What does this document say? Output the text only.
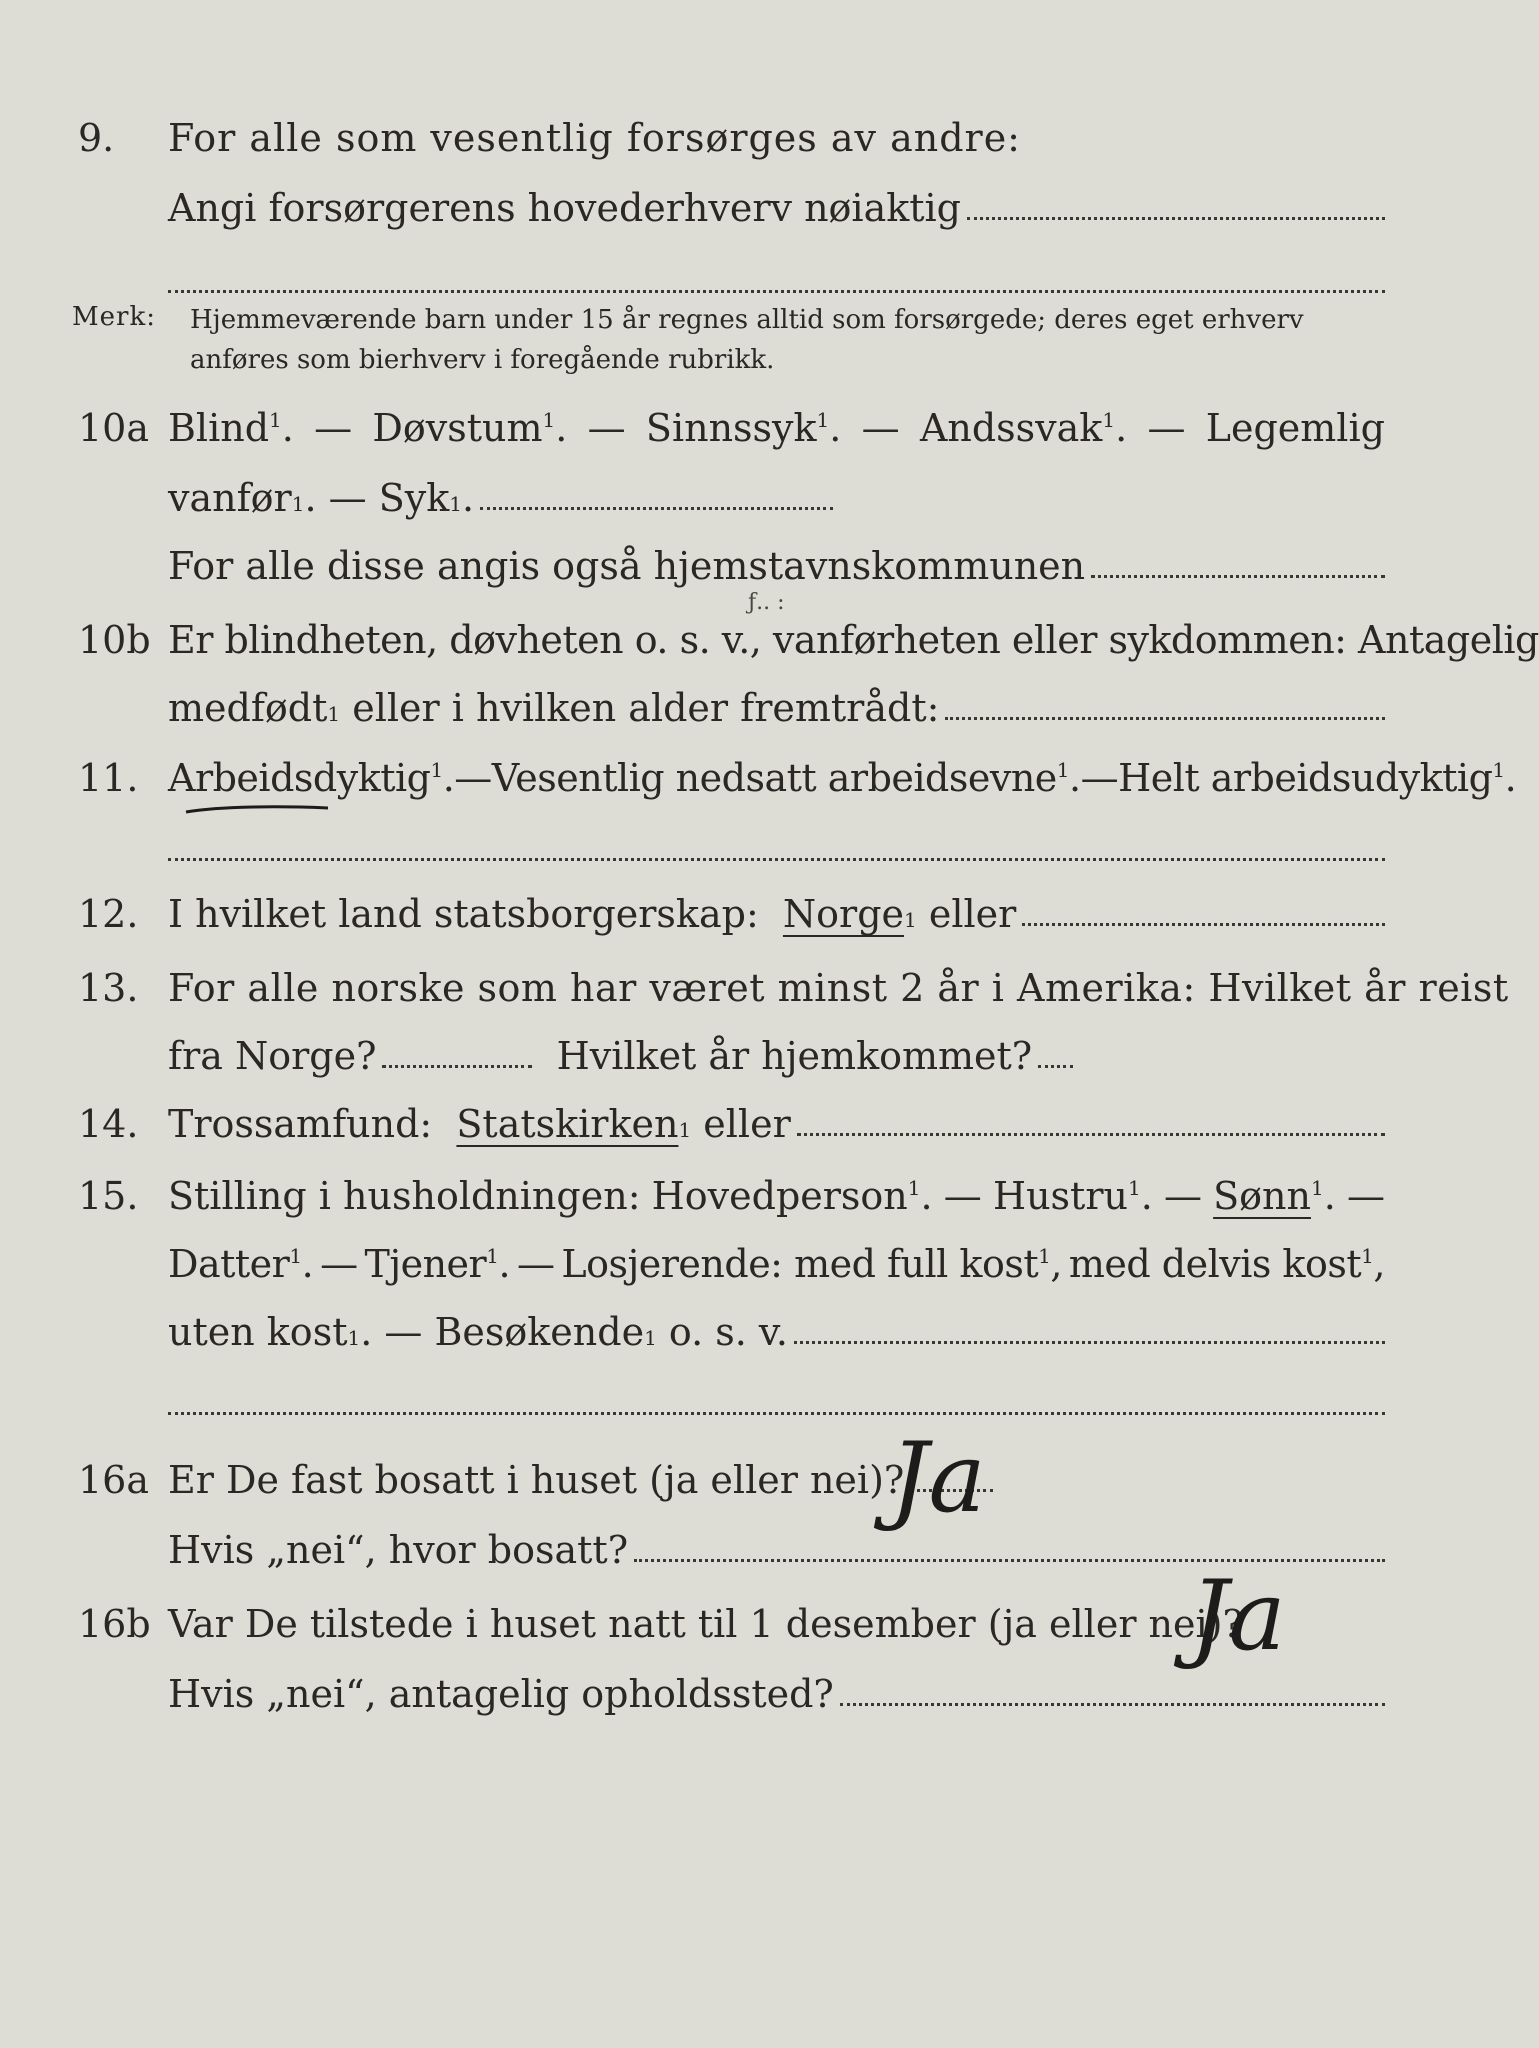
9. For alle som vesentlig forsørges av andre:
Angi forsørgerens hovederhverv nøiaktig
Merk: Hjemmeværende barn under 15 år regnes alltid som forsørgede; deres eget erhverv
anføres som bierhverv i foregående rubrikk.
10a Blind$^1$. — Døvstum$^1$. — Sinnssyk$^1$. — Andssvak$^1$. — Legemlig
vanfør 1 . —
Syk 1 .
For alle disse angis også hjemstavnskommunen
10b Er blindheten, døvheten o. s. v., vanførheten eller sykdommen: Antagelig
ƒ.. :
medfødt 1
eller i hvilken alder fremtrådt:
11. Arbeidsdyktig$^1$. — Vesentlig nedsatt arbeidsevne$^1$. — Helt arbeidsudyktig$^1$.
12. I hvilket land statsborgerskap:
Norge 1
eller
13. For alle norske som har været minst 2 år i Amerika: Hvilket år reist
fra Norge?
	Hvilket år hjemkommet?
14. Trossamfund:
Statskirken 1
eller
15. Stilling i husholdningen: Hovedperson$^1$. — Hustru$^1$. — Sønn$^1$. —
Datter$^1$. — Tjener$^1$. — Losjerende: med full kost$^1$, med delvis kost$^1$,
uten kost 1 . —
Besøkende 1
o. s. v.
16a Er De fast bosatt i huset (ja eller nei)?
Ja
Hvis „nei“, hvor bosatt?
16b Var De tilstede i huset natt til 1 desember (ja eller nei)?
Ja
Hvis „nei“, antagelig opholdssted?
